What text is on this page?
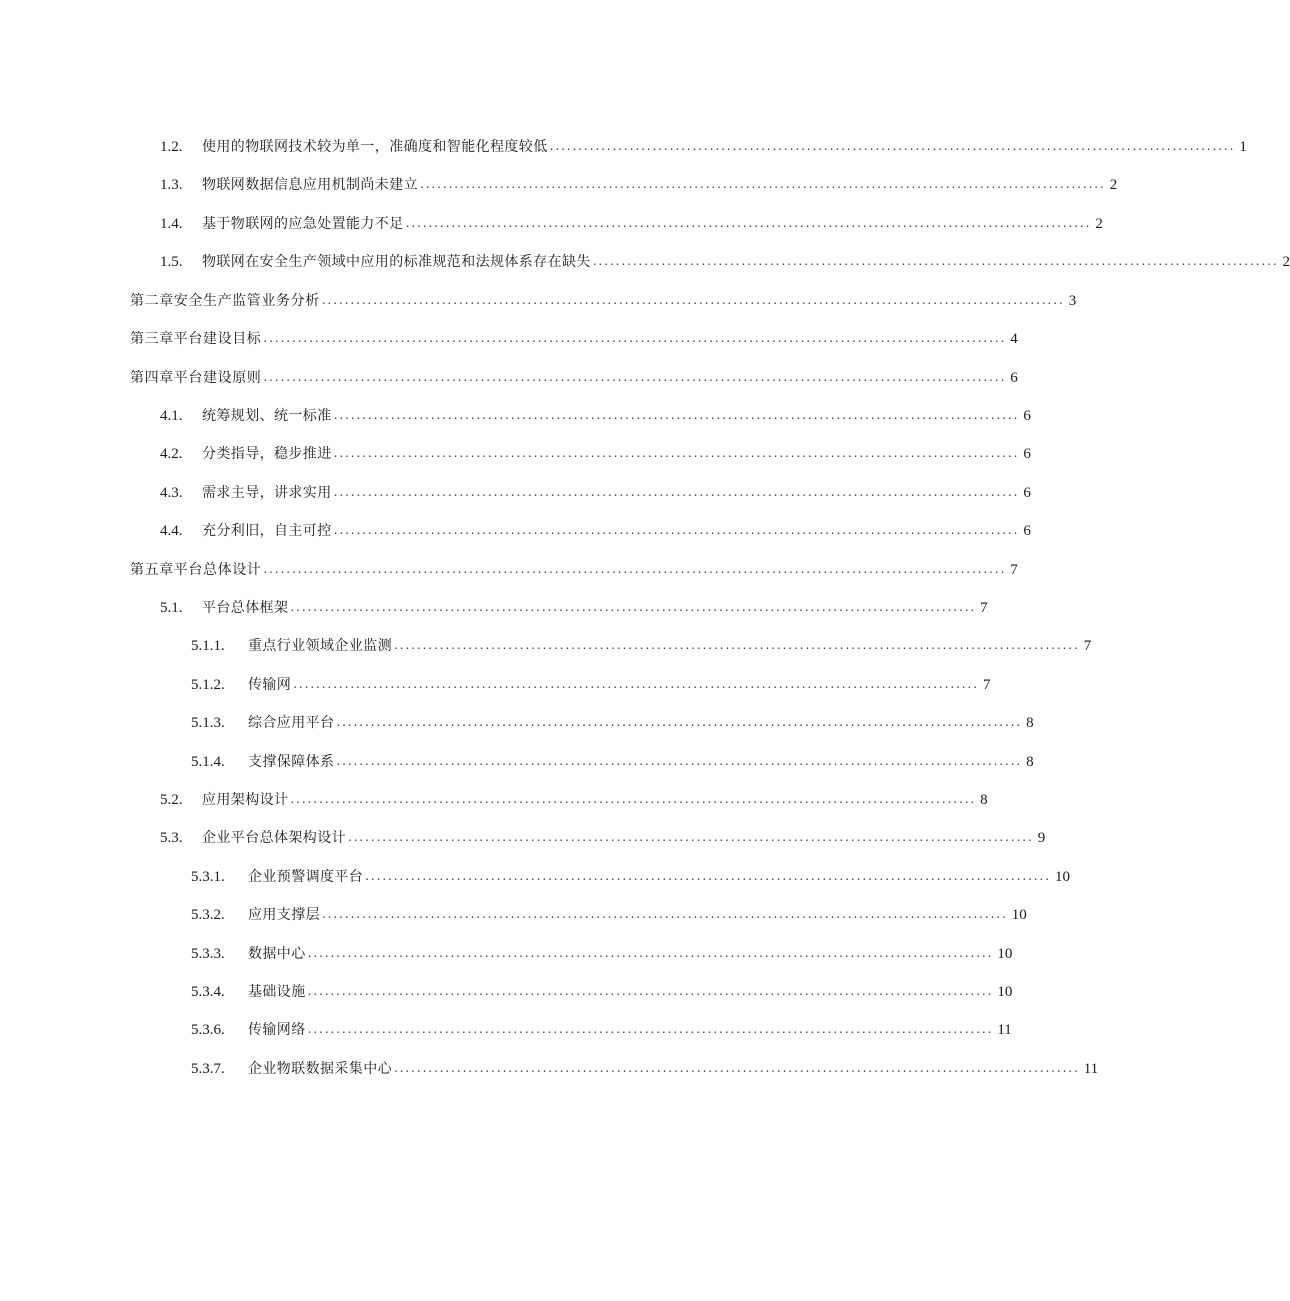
1.2.	使用的物联网技术较为单一，准确度和智能化程度较低 ........................................................................................................................ 1
1.3.	物联网数据信息应用机制尚未建立 ........................................................................................................................ 2
1.4.	基于物联网的应急处置能力不足 ........................................................................................................................ 2
1.5.	物联网在安全生产领域中应用的标准规范和法规体系存在缺失 ........................................................................................................................ 2
第二章安全生产监管业务分析 .................................................................................................................................. 3
第三章平台建设目标 .................................................................................................................................. 4
第四章平台建设原则 .................................................................................................................................. 6
4.1.	统筹规划、统一标准 ........................................................................................................................ 6
4.2.	分类指导，稳步推进 ........................................................................................................................ 6
4.3.	需求主导，讲求实用 ........................................................................................................................ 6
4.4.	充分利旧，自主可控 ........................................................................................................................ 6
第五章平台总体设计 .................................................................................................................................. 7
5.1.	平台总体框架 ........................................................................................................................ 7
5.1.1.	重点行业领域企业监测 ........................................................................................................................ 7
5.1.2.	传输网 ........................................................................................................................ 7
5.1.3.	综合应用平台 ........................................................................................................................ 8
5.1.4.	支撑保障体系 ........................................................................................................................ 8
5.2.	应用架构设计 ........................................................................................................................ 8
5.3.	企业平台总体架构设计 ........................................................................................................................ 9
5.3.1.	企业预警调度平台 ........................................................................................................................ 10
5.3.2.	应用支撑层 ........................................................................................................................ 10
5.3.3.	数据中心 ........................................................................................................................ 10
5.3.4.	基础设施 ........................................................................................................................ 10
5.3.6.	传输网络 ........................................................................................................................ 11
5.3.7.	企业物联数据采集中心 ........................................................................................................................ 11
